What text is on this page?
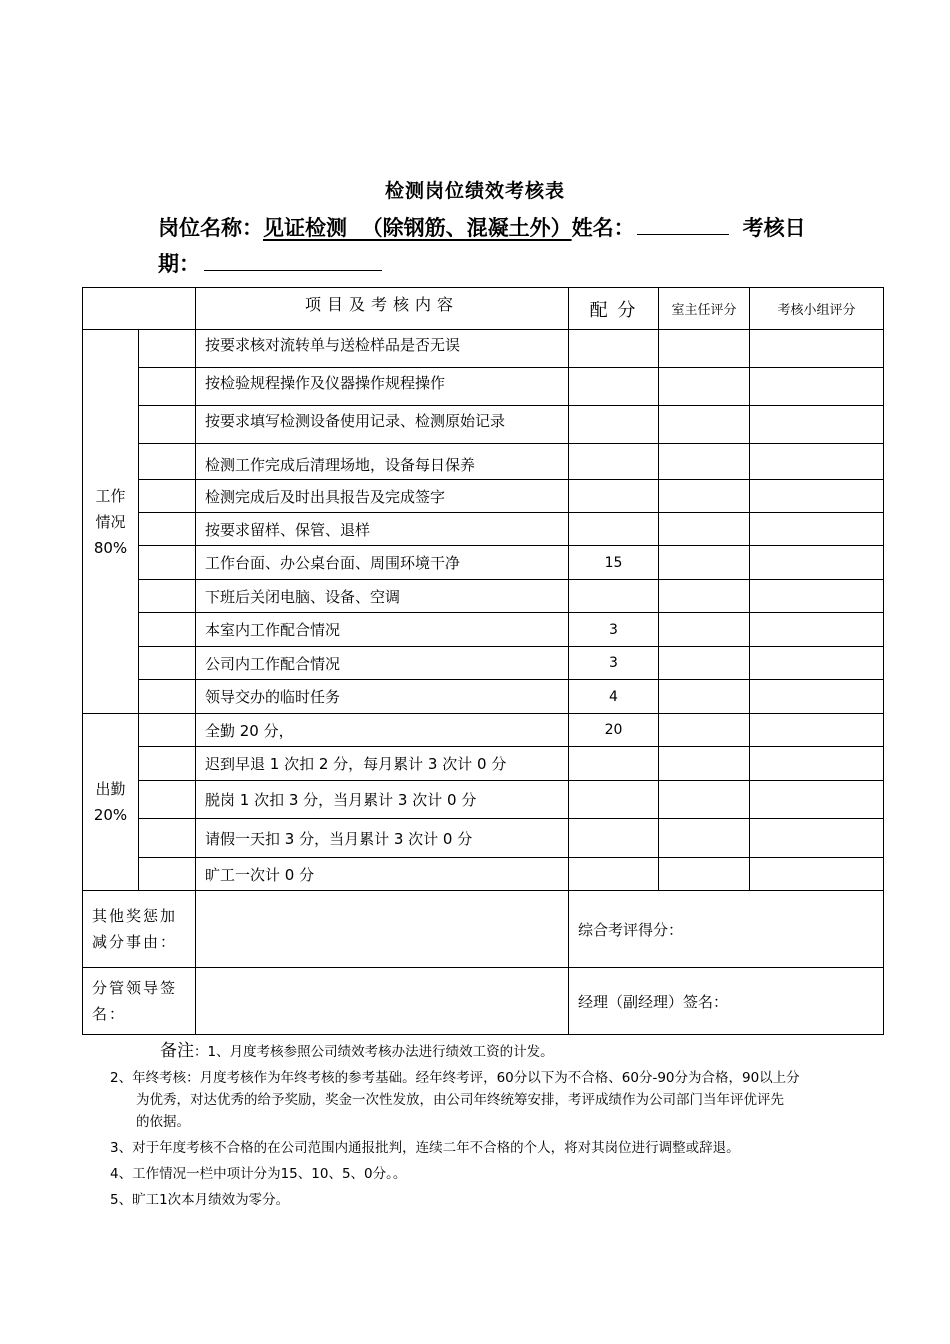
检测岗位绩效考核表
岗位名称：见证检测  （除钢筋、混凝土外）姓名：	考核日
期：
		项目及考核内容	配 分	室主任评分	考核小组评分
工作
情况
80%		按要求核对流转单与送检样品是否无误			
		按检验规程操作及仪器操作规程操作			
		按要求填写检测设备使用记录、检测原始记录			
		检测工作完成后清理场地，设备每日保养			
		检测完成后及时出具报告及完成签字			
		按要求留样、保管、退样			
		工作台面、办公桌台面、周围环境干净	15		
		下班后关闭电脑、设备、空调			
		本室内工作配合情况	3		
		公司内工作配合情况	3		
		领导交办的临时任务	4		
出勤
20%		全勤 20 分，	20		
		迟到早退 1 次扣 2 分，每月累计 3 次计 0 分			
		脱岗 1 次扣 3 分，当月累计 3 次计 0 分			
		请假一天扣 3 分，当月累计 3 次计 0 分			
		旷工一次计 0 分			
其他奖惩加
减分事由：			综合考评得分：		
分管领导签
名：			经理（副经理）签名：		
备注：1、月度考核参照公司绩效考核办法进行绩效工资的计发。
2、年终考核：月度考核作为年终考核的参考基础。经年终考评，60分以下为不合格、60分-90分为合格，90以上分
为优秀，对达优秀的给予奖励，奖金一次性发放，由公司年终统筹安排，考评成绩作为公司部门当年评优评先
的依据。
3、对于年度考核不合格的在公司范围内通报批判，连续二年不合格的个人，将对其岗位进行调整或辞退。
4、工作情况一栏中项计分为15、10、5、0分。。
5、旷工1次本月绩效为零分。
